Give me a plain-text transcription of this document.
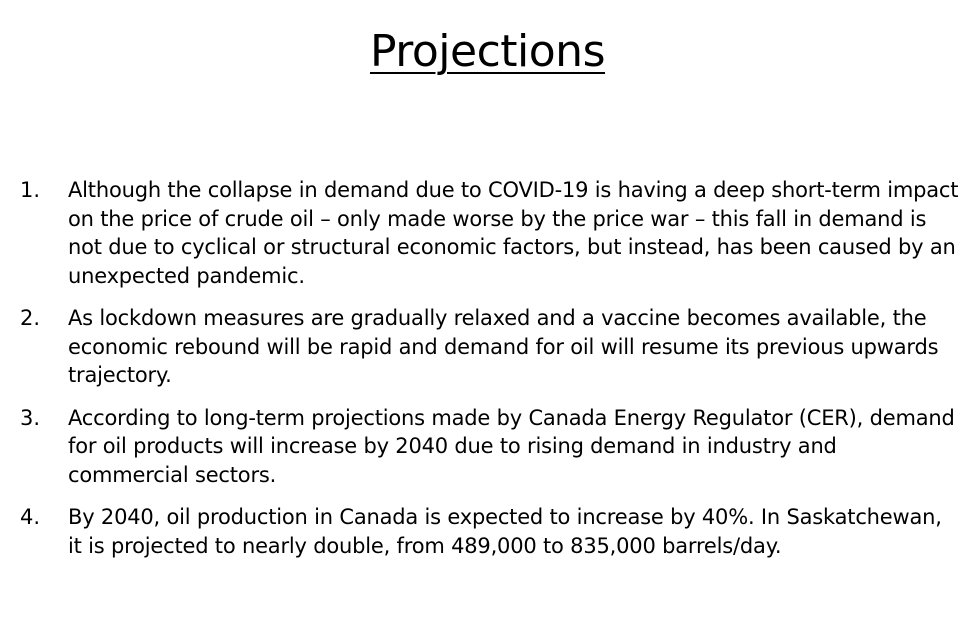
Projections
1.	Although the collapse in demand due to COVID-19 is having a deep short-term impact on the price of crude oil – only made worse by the price war – this fall in demand is not due to cyclical or structural economic factors, but instead, has been caused by an unexpected pandemic.
2.	As lockdown measures are gradually relaxed and a vaccine becomes available, the economic rebound will be rapid and demand for oil will resume its previous upwards trajectory.
3.	According to long-term projections made by Canada Energy Regulator (CER), demand for oil products will increase by 2040 due to rising demand in industry and commercial sectors.
4.	By 2040, oil production in Canada is expected to increase by 40%. In Saskatchewan, it is projected to nearly double, from 489,000 to 835,000 barrels/day.
